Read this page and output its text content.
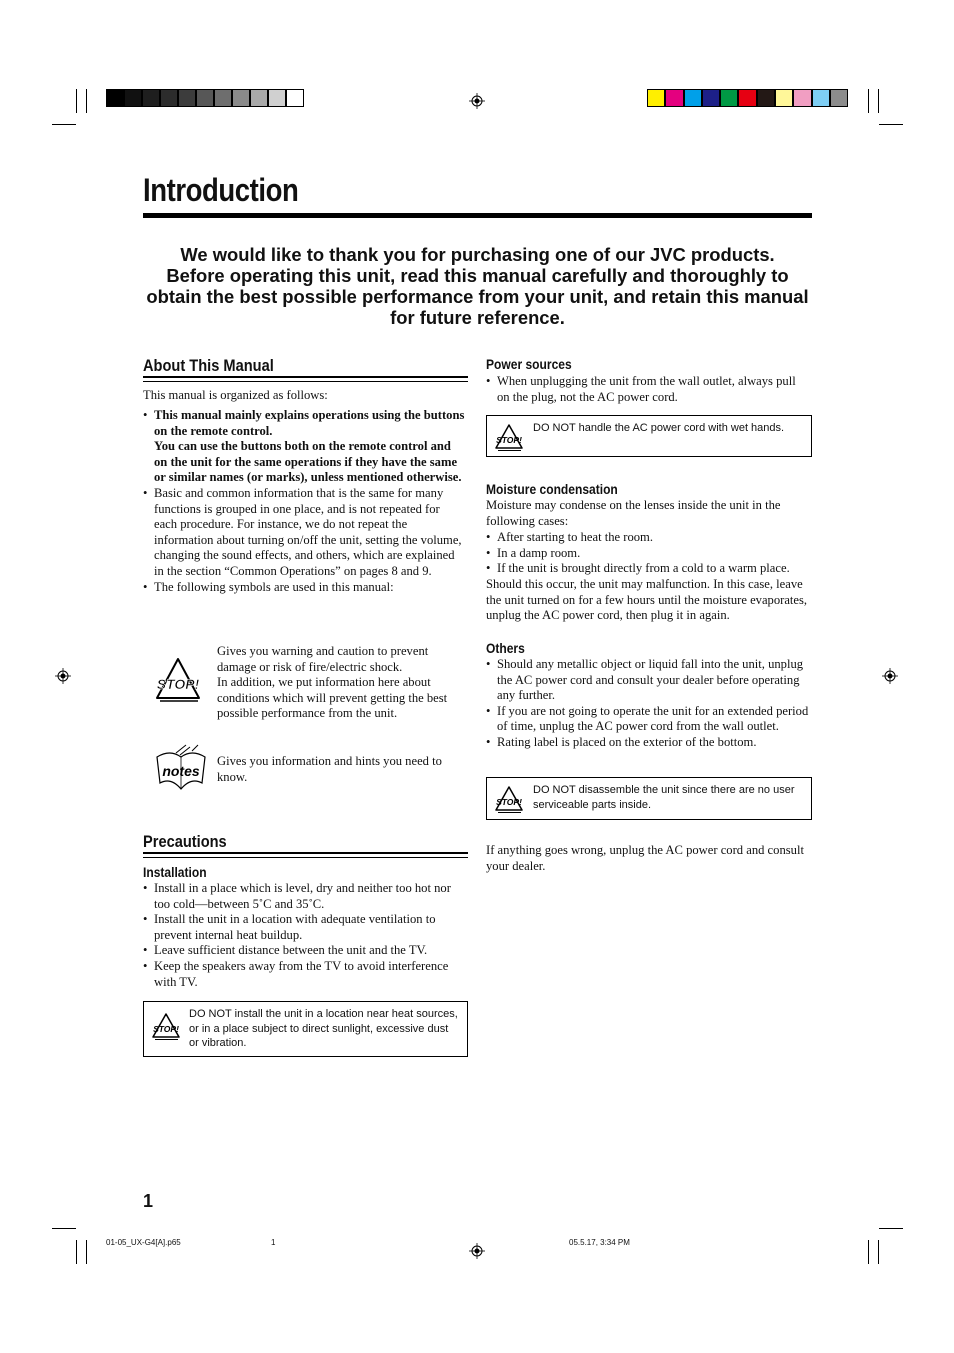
Introduction
We would like to thank you for purchasing one of our JVC products.
Before operating this unit, read this manual carefully and thoroughly to
obtain the best possible performance from your unit, and retain this manual
for future reference.
About This Manual
This manual is organized as follows:
• This manual mainly explains operations using the buttons on the remote control.
You can use the buttons both on the remote control and on the unit for the same operations if they have the same or similar names (or marks), unless mentioned otherwise.
• Basic and common information that is the same for many functions is grouped in one place, and is not repeated for each procedure. For instance, we do not repeat the information about turning on/off the unit, setting the volume, changing the sound effects, and others, which are explained in the section “Common Operations” on pages 8 and 9.
• The following symbols are used in this manual:
STOP!
Gives you warning and caution to prevent damage or risk of fire/electric shock.
In addition, we put information here about conditions which will prevent getting the best possible performance from the unit.
notes
Gives you information and hints you need to know.
Precautions
Installation
• Install in a place which is level, dry and neither too hot nor too cold—between 5˚C and 35˚C.
• Install the unit in a location with adequate ventilation to prevent internal heat buildup.
• Leave sufficient distance between the unit and the TV.
• Keep the speakers away from the TV to avoid interference with TV.
STOP!
DO NOT install the unit in a location near heat sources, or in a place subject to direct sunlight, excessive dust or vibration.
Power sources
• When unplugging the unit from the wall outlet, always pull on the plug, not the AC power cord.
STOP!
DO NOT handle the AC power cord with wet hands.
Moisture condensation
Moisture may condense on the lenses inside the unit in the following cases:
• After starting to heat the room.
• In a damp room.
• If the unit is brought directly from a cold to a warm place.
Should this occur, the unit may malfunction. In this case, leave the unit turned on for a few hours until the moisture evaporates, unplug the AC power cord, then plug it in again.
Others
• Should any metallic object or liquid fall into the unit, unplug the AC power cord and consult your dealer before operating any further.
• If you are not going to operate the unit for an extended period of time, unplug the AC power cord from the wall outlet.
• Rating label is placed on the exterior of the bottom.
STOP!
DO NOT disassemble the unit since there are no user serviceable parts inside.
If anything goes wrong, unplug the AC power cord and consult your dealer.
1
01-05_UX-G4[A].p65	1	05.5.17, 3:34 PM
